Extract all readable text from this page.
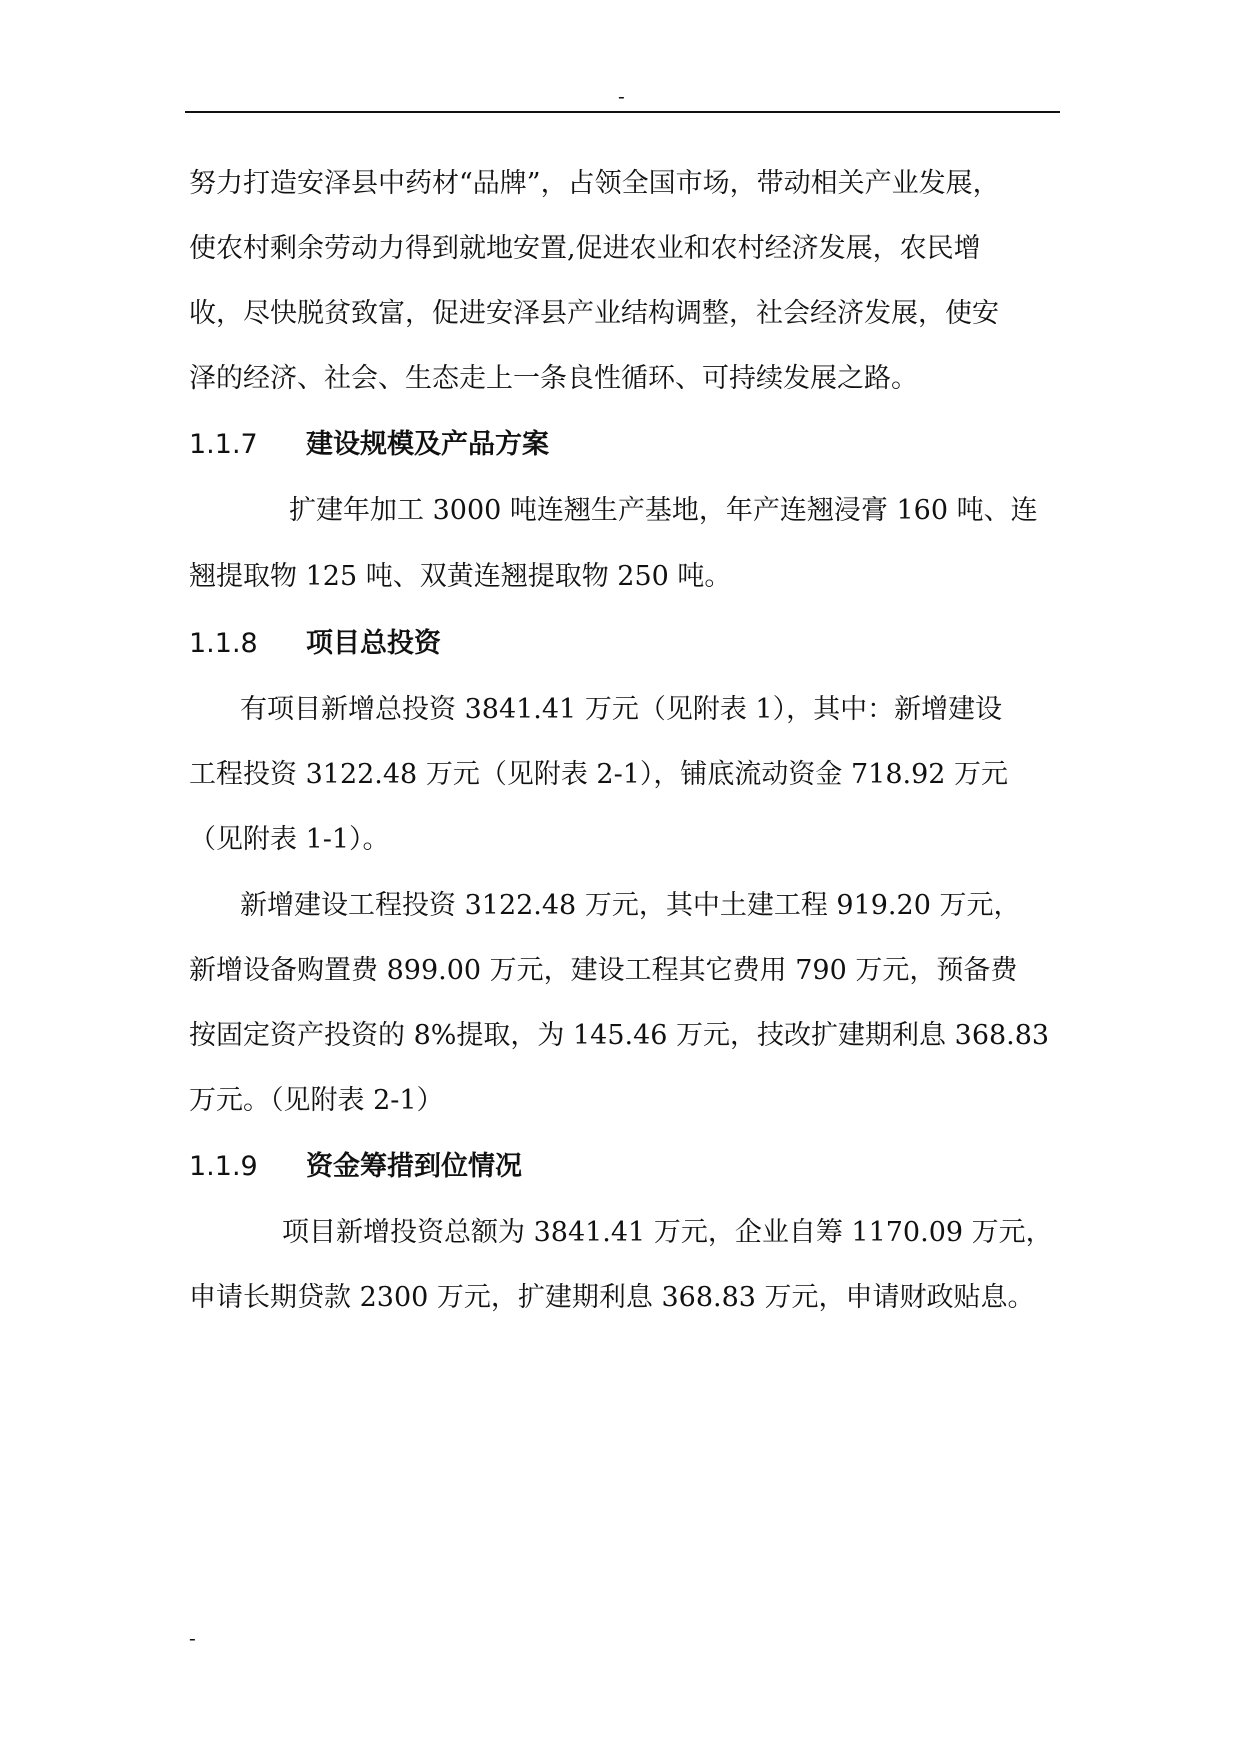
-
努力打造安泽县中药材“品牌”，占领全国市场，带动相关产业发展，
使农村剩余劳动力得到就地安置,促进农业和农村经济发展，农民增
收，尽快脱贫致富，促进安泽县产业结构调整，社会经济发展，使安
泽的经济、社会、生态走上一条良性循环、可持续发展之路。
1.1.7 建设规模及产品方案
扩建年加工 3000 吨连翘生产基地，年产连翘浸膏 160 吨、连
翘提取物 125 吨、双黄连翘提取物 250 吨。
1.1.8 项目总投资
有项目新增总投资 3841.41 万元（见附表 1），其中：新增建设
工程投资 3122.48 万元（见附表 2-1），铺底流动资金 718.92 万元
（见附表 1-1）。
新增建设工程投资 3122.48 万元，其中土建工程 919.20 万元，
新增设备购置费 899.00 万元，建设工程其它费用 790 万元，预备费
按固定资产投资的 8%提取，为 145.46 万元，技改扩建期利息 368.83
万元。（见附表 2-1）
1.1.9 资金筹措到位情况
项目新增投资总额为 3841.41 万元，企业自筹 1170.09 万元，
申请长期贷款 2300 万元，扩建期利息 368.83 万元，申请财政贴息。
-
